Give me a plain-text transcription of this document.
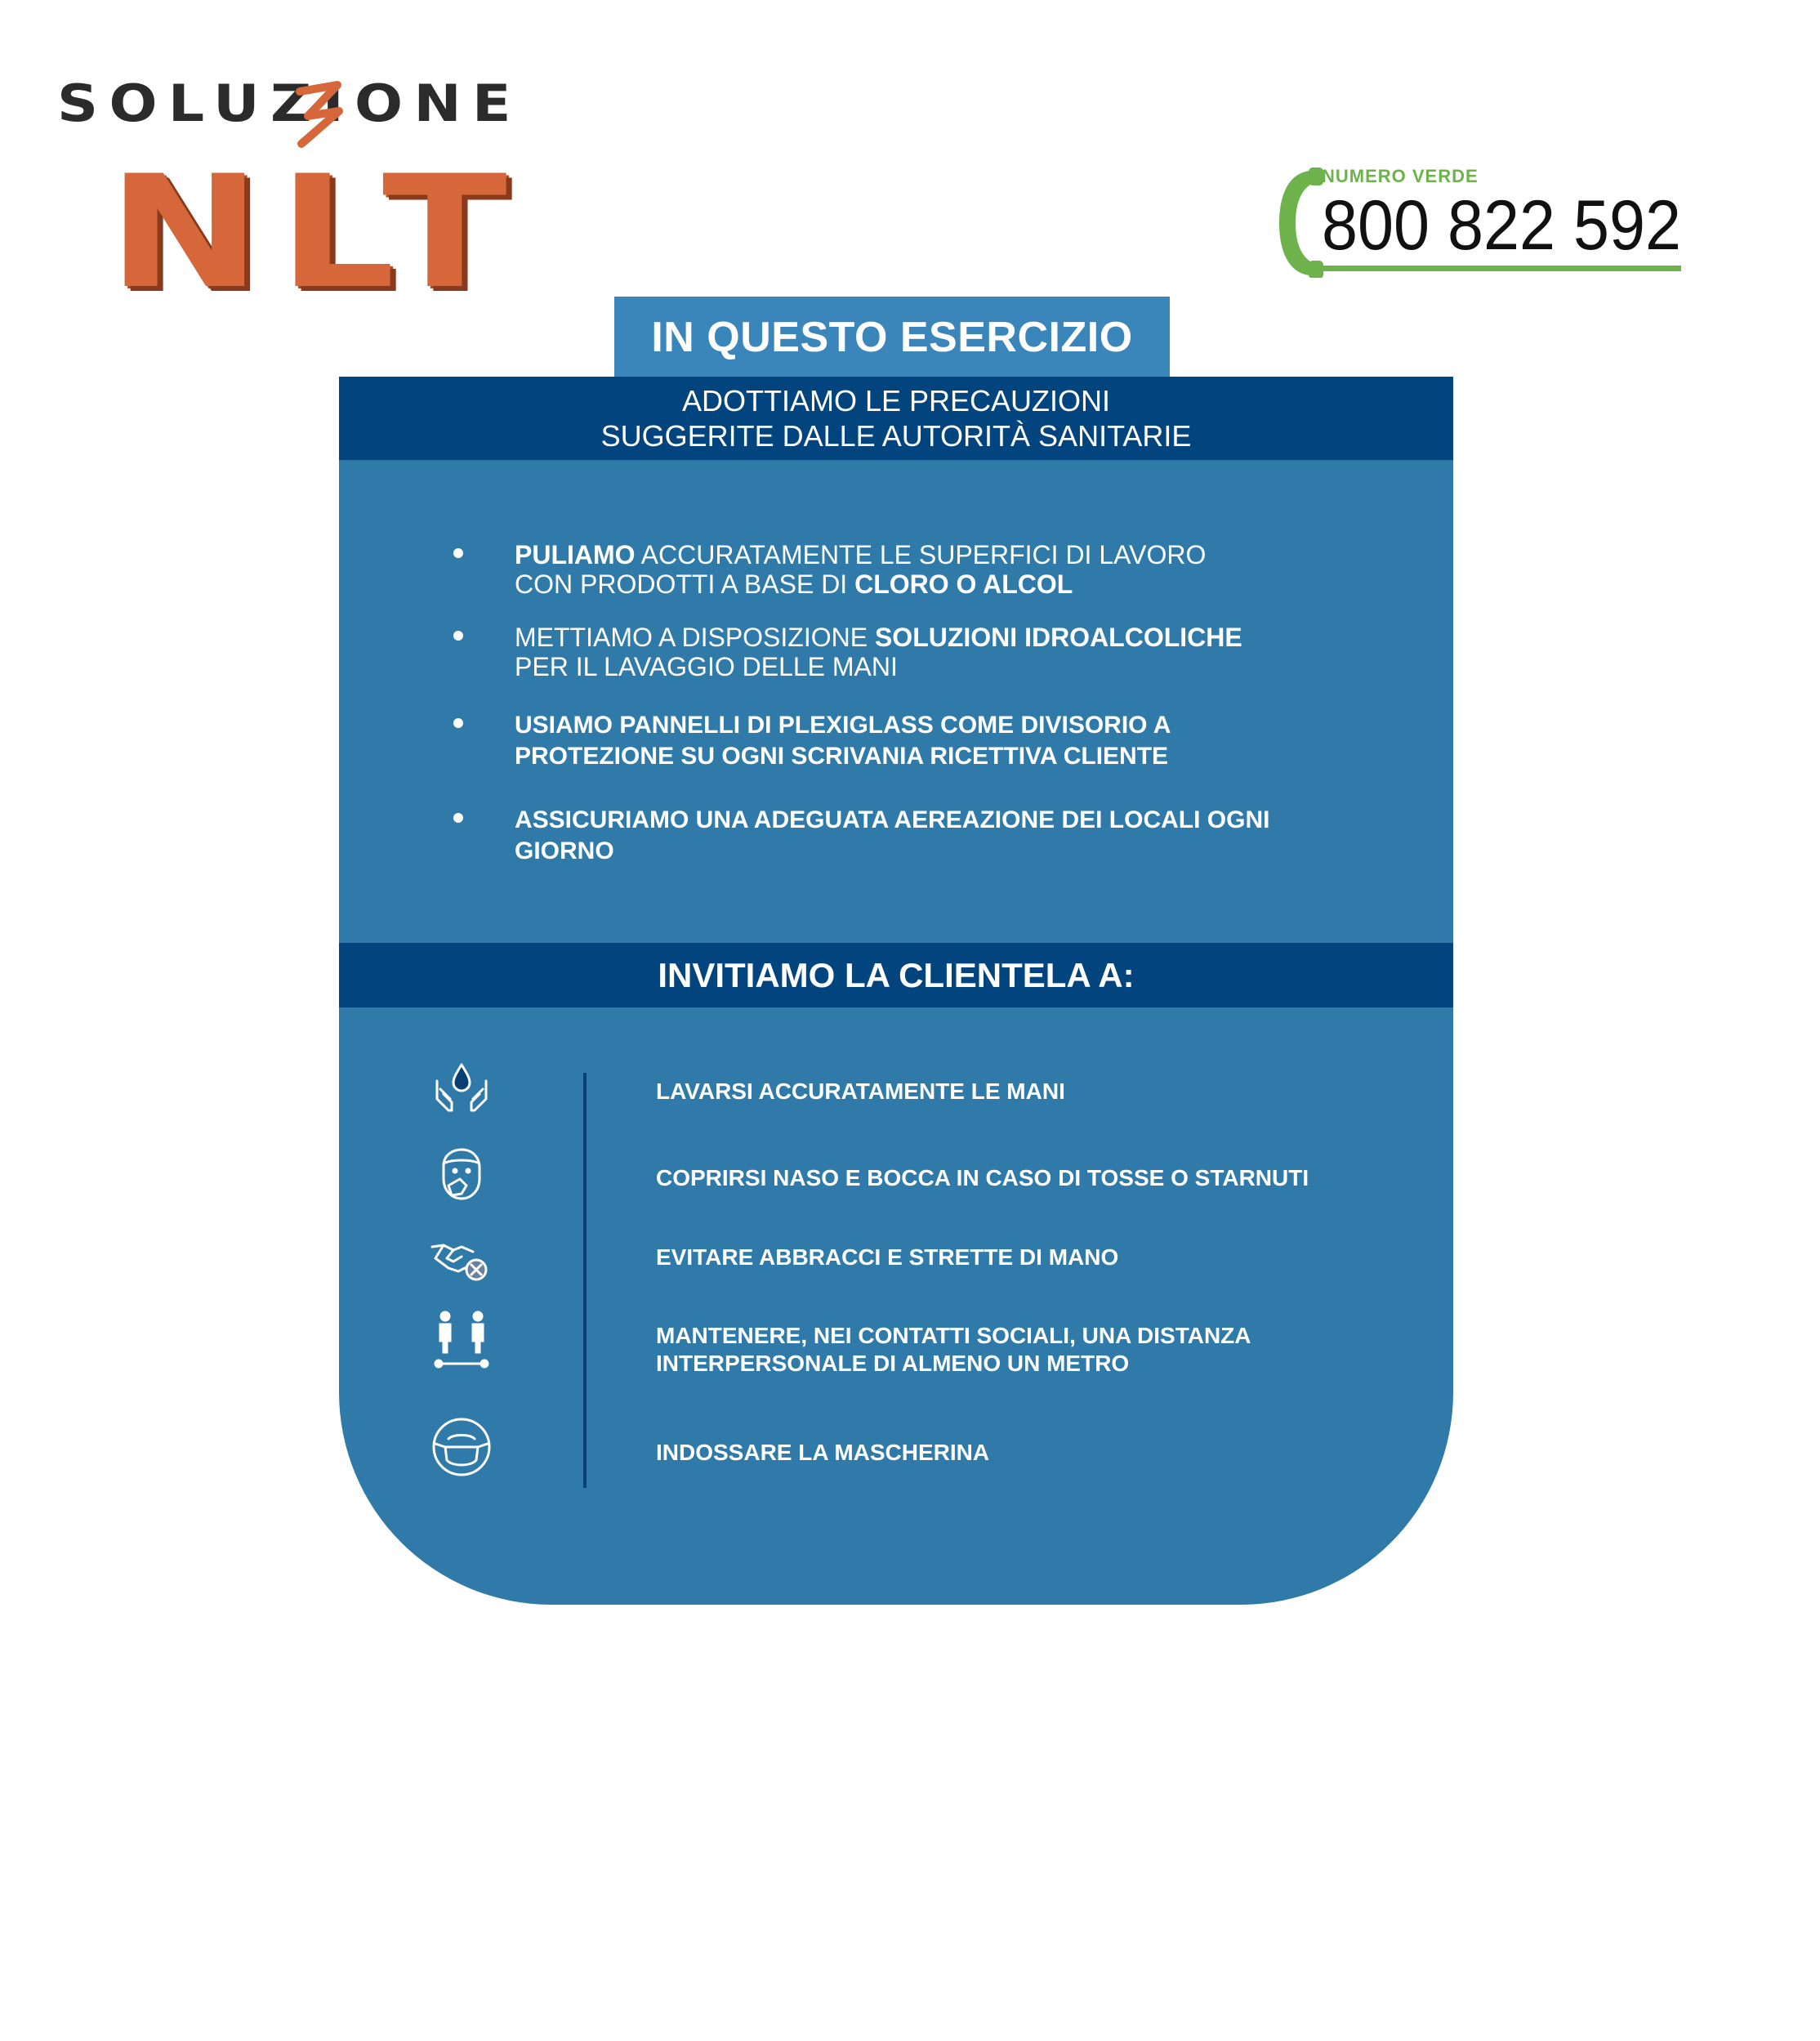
SOLUZIONE
NLT	NUMERO VERDE
800 822 592
IN QUESTO ESERCIZIO
ADOTTIAMO LE PRECAUZIONI
SUGGERITE DALLE AUTORITÀ SANITARIE
PULIAMO ACCURATAMENTE LE SUPERFICI DI LAVORO
CON PRODOTTI A BASE DI CLORO O ALCOL
METTIAMO A DISPOSIZIONE SOLUZIONI IDROALCOLICHE
PER IL LAVAGGIO DELLE MANI
USIAMO PANNELLI DI PLEXIGLASS COME DIVISORIO A
PROTEZIONE SU OGNI SCRIVANIA RICETTIVA CLIENTE
ASSICURIAMO UNA ADEGUATA AEREAZIONE DEI LOCALI OGNI
GIORNO
INVITIAMO LA CLIENTELA A:
LAVARSI ACCURATAMENTE LE MANI
COPRIRSI NASO E BOCCA IN CASO DI TOSSE O STARNUTI
EVITARE ABBRACCI E STRETTE DI MANO
MANTENERE, NEI CONTATTI SOCIALI, UNA DISTANZA
INTERPERSONALE DI ALMENO UN METRO
INDOSSARE LA MASCHERINA
